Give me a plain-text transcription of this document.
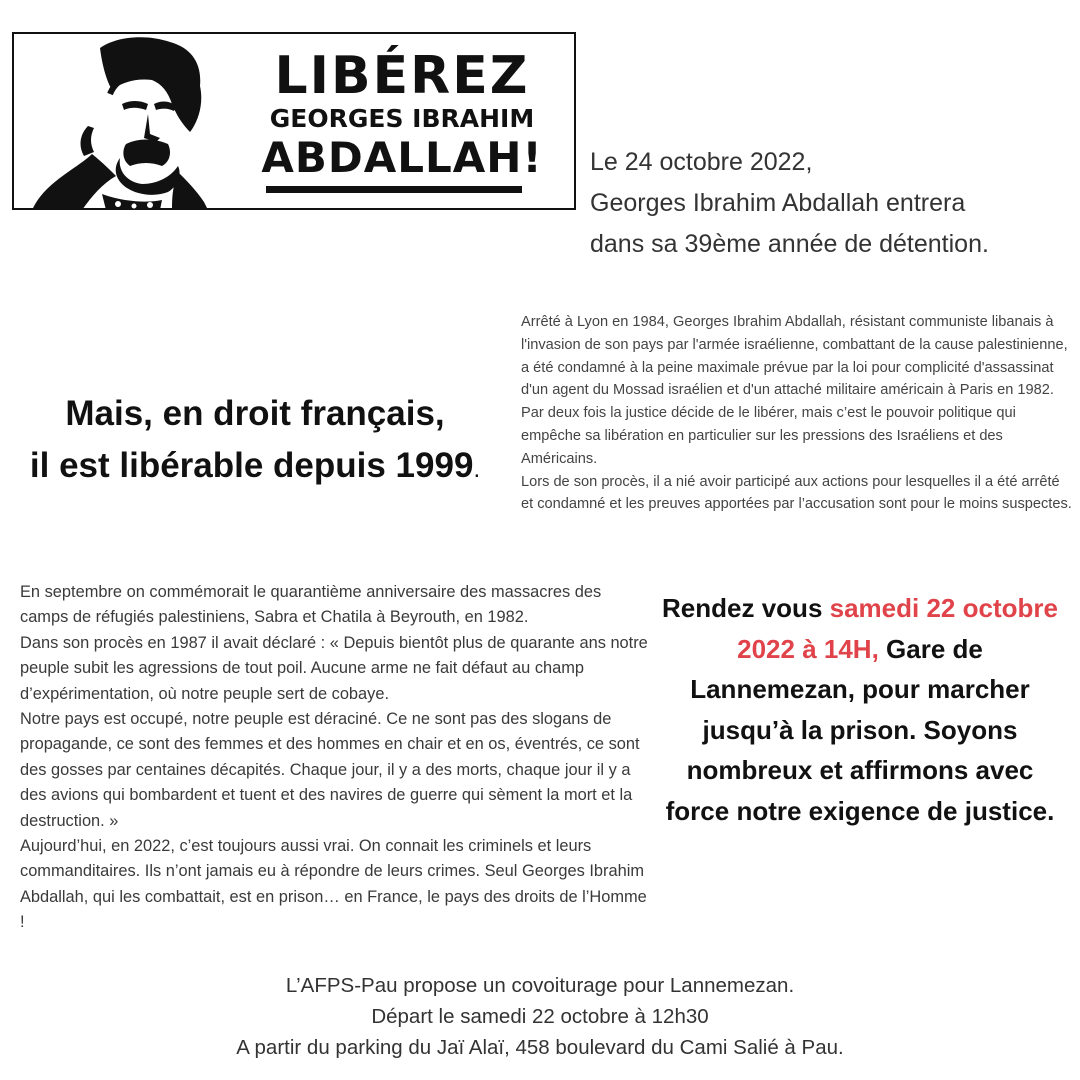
LIBÉREZ
GEORGES IBRAHIM
ABDALLAH!	Le 24 octobre 2022,
Georges Ibrahim Abdallah entrera
dans sa 39ème année de détention.
Mais, en droit français,
il est libérable depuis 1999.

Arrêté à Lyon en 1984, Georges Ibrahim Abdallah, résistant communiste libanais à l'invasion de son pays par l'armée israélienne, combattant de la cause palestinienne, a été condamné à la peine maximale prévue par la loi pour complicité d'assassinat d'un agent du Mossad israélien et d'un attaché militaire américain à Paris en 1982.

Par deux fois la justice décide de le libérer, mais c’est le pouvoir politique qui empêche sa libération en particulier sur les pressions des Israéliens et des Américains.

Lors de son procès, il a nié avoir participé aux actions pour lesquelles il a été arrêté et condamné et les preuves apportées par l’accusation sont pour le moins suspectes.

En septembre on commémorait le quarantième anniversaire des massacres des camps de réfugiés palestiniens, Sabra et Chatila à Beyrouth, en 1982.

Dans son procès en 1987 il avait déclaré : « Depuis bientôt plus de quarante ans notre peuple subit les agressions de tout poil. Aucune arme ne fait défaut au champ d’expérimentation, où notre peuple sert de cobaye.

Notre pays est occupé, notre peuple est déraciné. Ce ne sont pas des slogans de propagande, ce sont des femmes et des hommes en chair et en os, éventrés, ce sont des gosses par centaines décapités. Chaque jour, il y a des morts, chaque jour il y a des avions qui bombardent et tuent et des navires de guerre qui sèment la mort et la destruction. »

Aujourd’hui, en 2022, c’est toujours aussi vrai. On connait les criminels et leurs commanditaires. Ils n’ont jamais eu à répondre de leurs crimes. Seul Georges Ibrahim Abdallah, qui les combattait, est en prison… en France, le pays des droits de l’Homme !

Rendez vous samedi 22 octobre 2022 à 14H, Gare de Lannemezan, pour marcher jusqu’à la prison. Soyons nombreux et affirmons avec force notre exigence de justice.
L’AFPS-Pau propose un covoiturage pour Lannemezan.
Départ le samedi 22 octobre à 12h30
A partir du parking du Jaï Alaï, 458 boulevard du Cami Salié à Pau.
